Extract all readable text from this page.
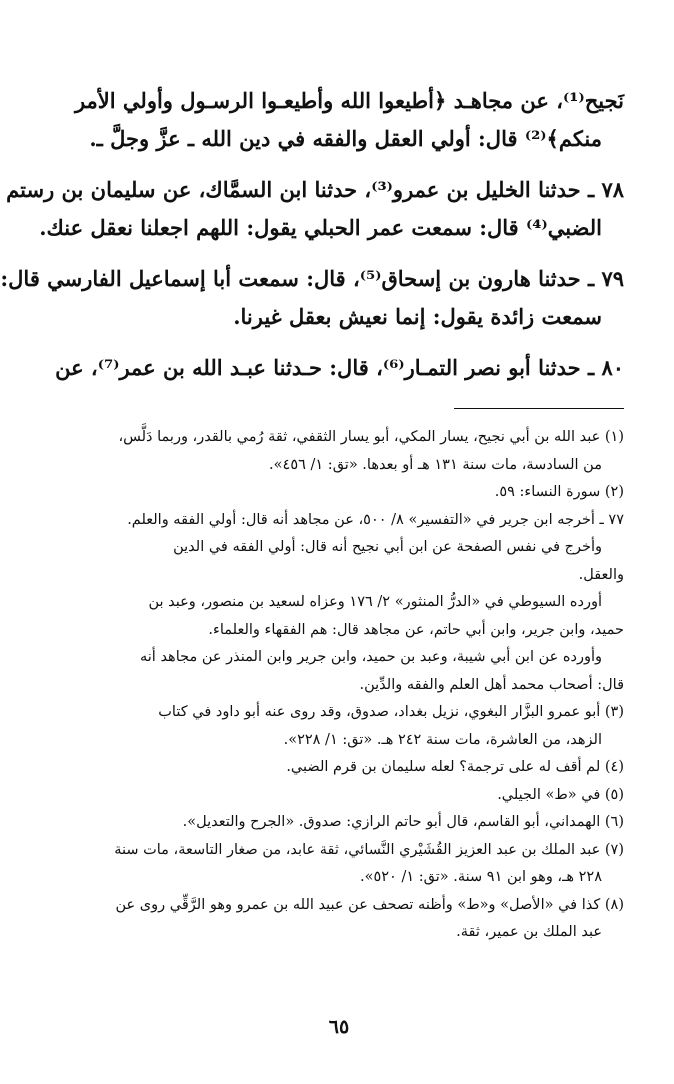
نَجيح⁽¹⁾، عن مجاهـد ﴿أطيعوا الله وأطيعـوا الرسـول وأولي الأمر
منكم﴾⁽²⁾ قال: أولي العقل والفقه في دين الله ـ عزَّ وجلَّ ـ.
٧٨ ـ حدثنا الخليل بن عمرو⁽³⁾، حدثنا ابن السمَّاك، عن سليمان بن رستم
الضبي⁽⁴⁾ قال: سمعت عمر الحبلي يقول: اللهم اجعلنا نعقل عنك.
٧٩ ـ حدثنا هارون بن إسحاق⁽⁵⁾، قال: سمعت أبا إسماعيل الفارسي قال:
سمعت زائدة يقول: إنما نعيش بعقل غيرنا.
٨٠ ـ حدثنا أبو نصر التمـار⁽⁶⁾، قال: حـدثنا عبـد الله بن عمر⁽⁷⁾، عن
(١) عبد الله بن أبي نجيح، يسار المكي، أبو يسار الثقفي، ثقة رُمي بالقدر، وربما دَلَّس،
من السادسة، مات سنة ١٣١ هـ أو بعدها. «تق: ١/ ٤٥٦».
(٢) سورة النساء: ٥٩.
٧٧ ـ أخرجه ابن جرير في «التفسير» ٨/ ٥٠٠، عن مجاهد أنه قال: أولي الفقه والعلم.
وأخرج في نفس الصفحة عن ابن أبي نجيح أنه قال: أولي الفقه في الدين
والعقل.
أورده السيوطي في «الدرُّ المنثور» ٢/ ١٧٦ وعزاه لسعيد بن منصور، وعبد بن
حميد، وابن جرير، وابن أبي حاتم، عن مجاهد قال: هم الفقهاء والعلماء.
وأورده عن ابن أبي شيبة، وعبد بن حميد، وابن جرير وابن المنذر عن مجاهد أنه
قال: أصحاب محمد أهل العلم والفقه والدِّين.
(٣) أبو عمرو البزَّار البغوي، نزيل بغداد، صدوق، وقد روى عنه أبو داود في كتاب
الزهد، من العاشرة، مات سنة ٢٤٢ هـ. «تق: ١/ ٢٢٨».
(٤) لم أقف له على ترجمة؟ لعله سليمان بن قرم الضبي.
(٥) في «ط» الجيلي.
(٦) الهمداني، أبو القاسم، قال أبو حاتم الرازي: صدوق. «الجرح والتعديل».
(٧) عبد الملك بن عبد العزيز القُشَيْري النَّسائي، ثقة عابد، من صغار التاسعة، مات سنة
٢٢٨ هـ، وهو ابن ٩١ سنة. «تق: ١/ ٥٢٠».
(٨) كذا في «الأصل» و«ط» وأظنه تصحف عن عبيد الله بن عمرو وهو الرَّقِّي روى عن
عبد الملك بن عمير، ثقة.
٦٥
